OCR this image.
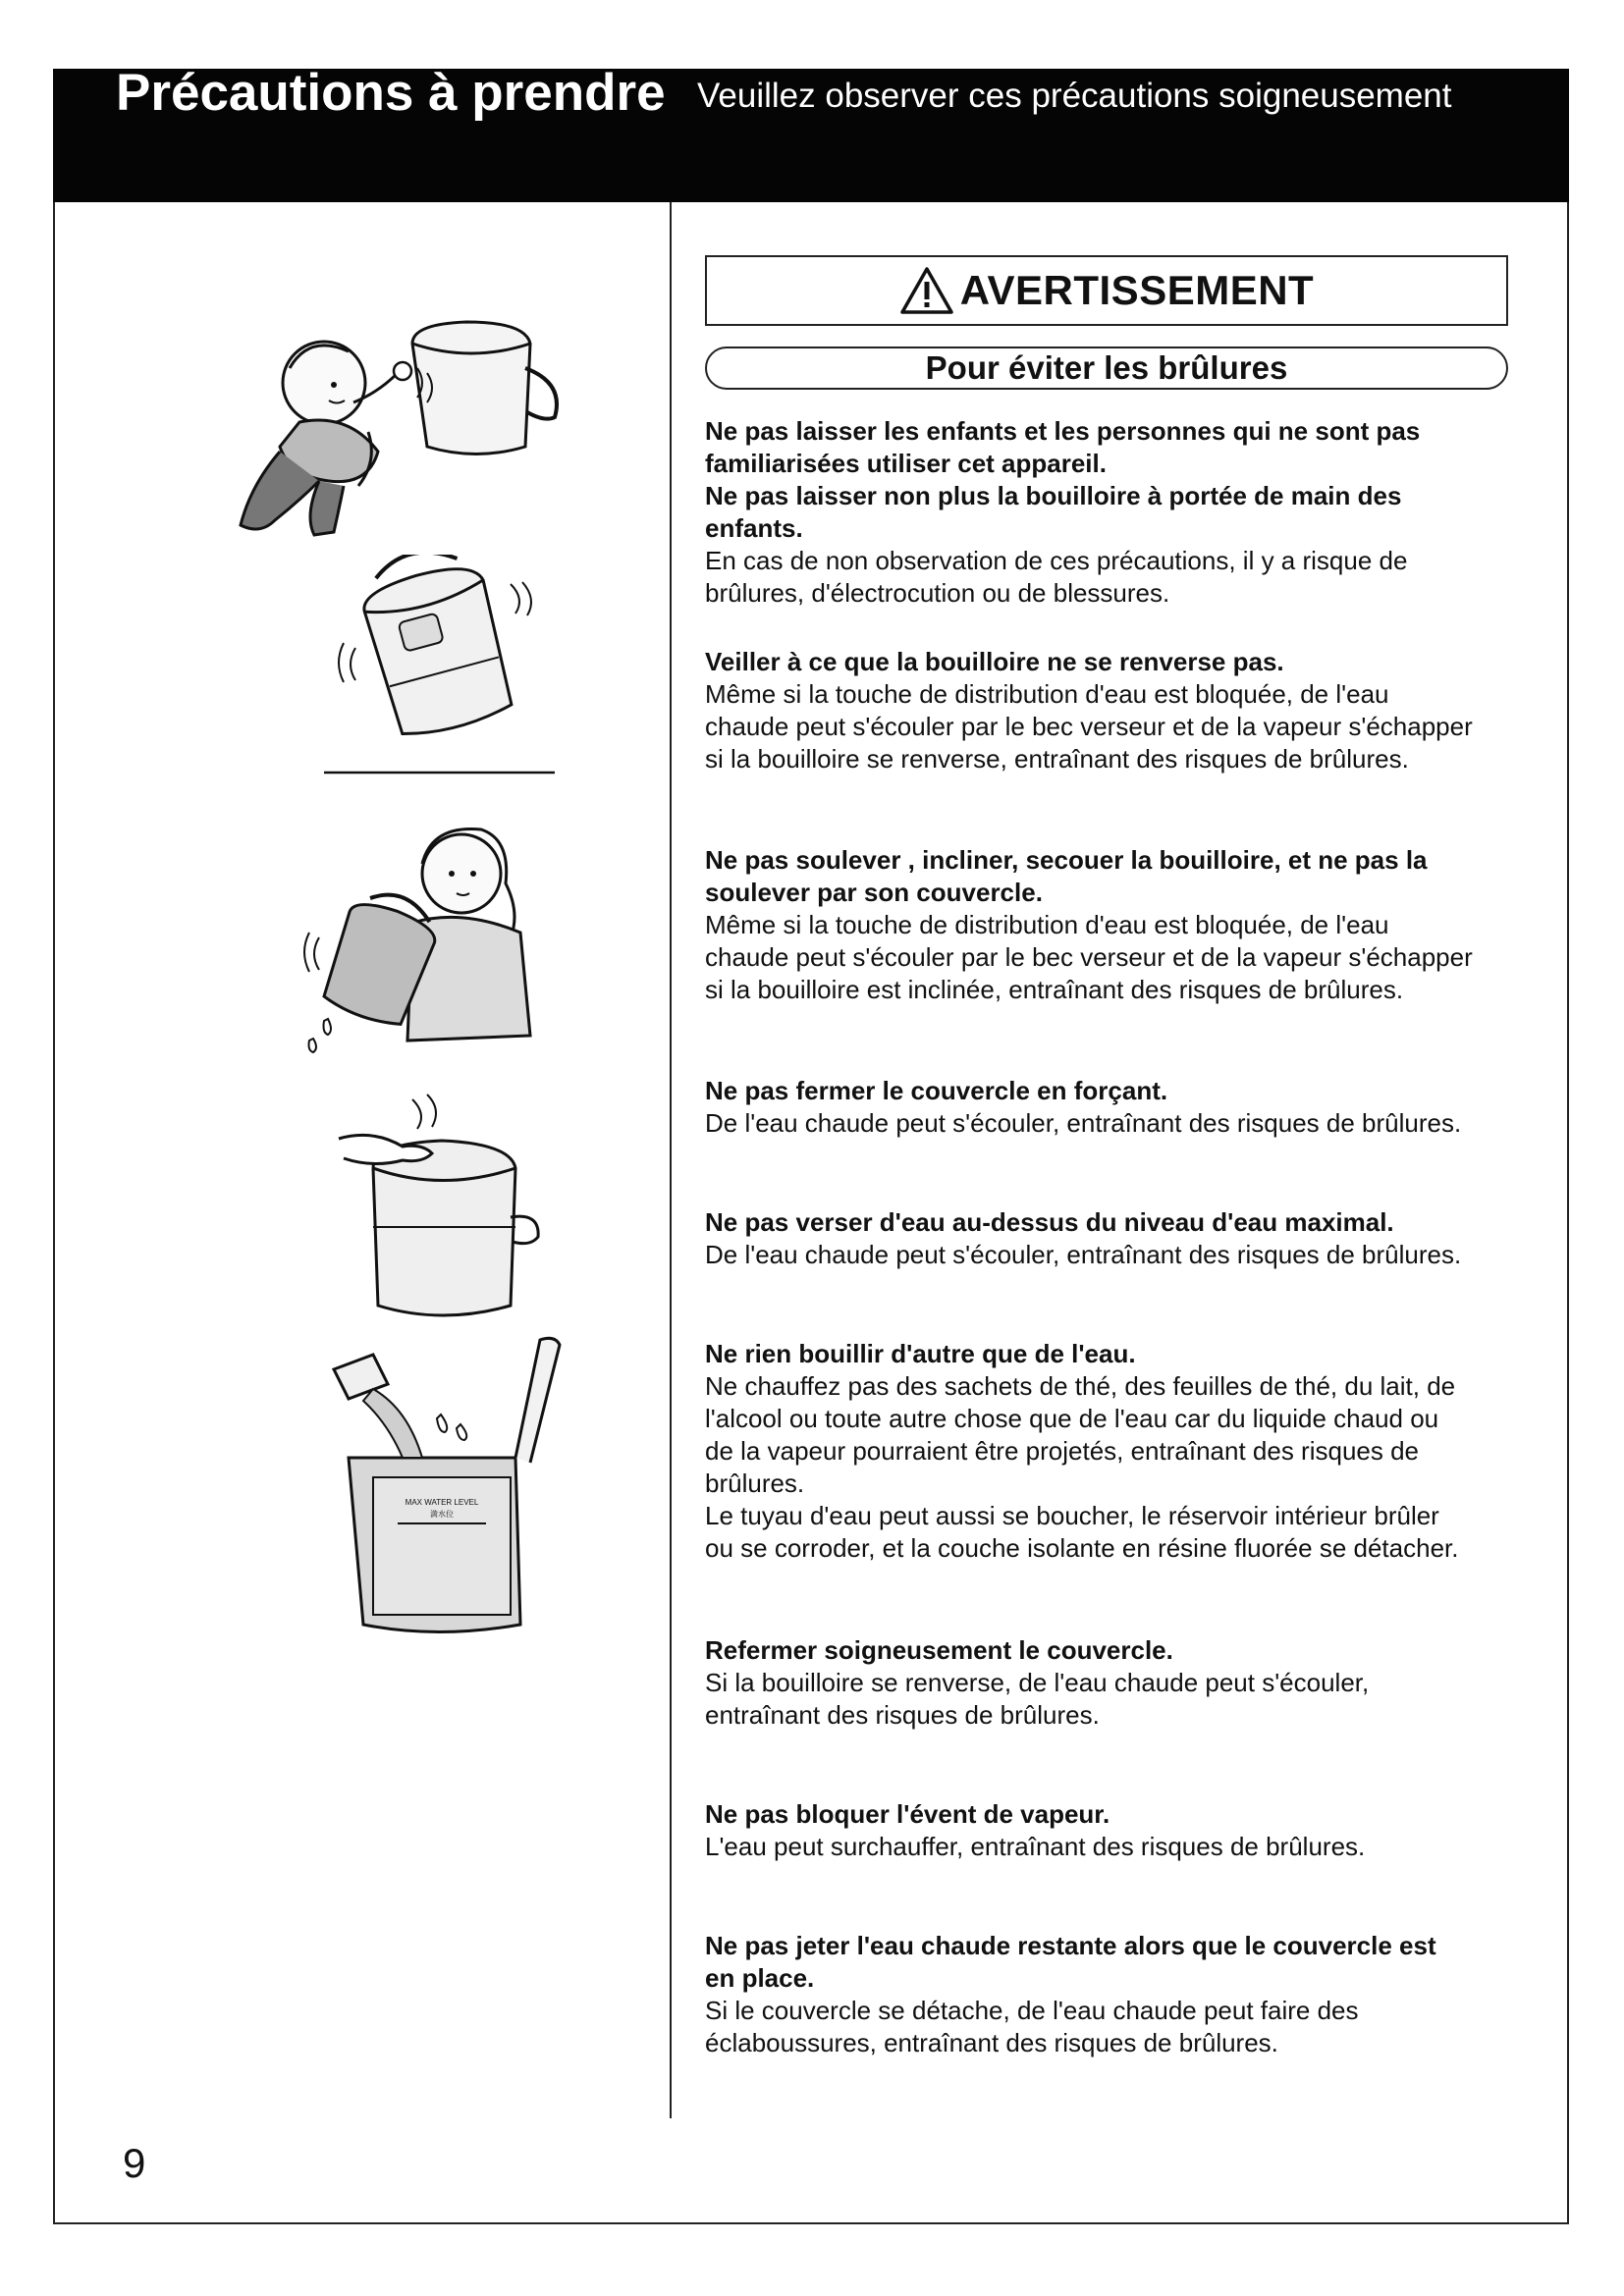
Précautions à prendre Veuillez observer ces précautions soigneusement
AVERTISSEMENT
Pour éviter les brûlures
Ne pas laisser les enfants et les personnes qui ne sont pas
familiarisées utiliser cet appareil.
Ne pas laisser non plus la bouilloire à portée de main des
enfants.
En cas de non observation de ces précautions, il y a risque de
brûlures, d'électrocution ou de blessures.
Veiller à ce que la bouilloire ne se renverse pas.
Même si la touche de distribution d'eau est bloquée, de l'eau
chaude peut s'écouler par le bec verseur et de la vapeur s'échapper
si la bouilloire se renverse, entraînant des risques de brûlures.
Ne pas soulever , incliner, secouer la bouilloire, et ne pas la
soulever par son couvercle.
Même si la touche de distribution d'eau est bloquée, de l'eau
chaude peut s'écouler par le bec verseur et de la vapeur s'échapper
si la bouilloire est inclinée, entraînant des risques de brûlures.
Ne pas fermer le couvercle en forçant.
De l'eau chaude peut s'écouler, entraînant des risques de brûlures.
Ne pas verser d'eau au-dessus du niveau d'eau maximal.
De l'eau chaude peut s'écouler, entraînant des risques de brûlures.
Ne rien bouillir d'autre que de l'eau.
Ne chauffez pas des sachets de thé, des feuilles de thé, du lait, de
l'alcool ou toute autre chose que de l'eau car du liquide chaud ou
de la vapeur pourraient être projetés, entraînant des risques de
brûlures.
Le tuyau d'eau peut aussi se boucher, le réservoir intérieur brûler
ou se corroder, et la couche isolante en résine fluorée se détacher.
Refermer soigneusement le couvercle.
Si la bouilloire se renverse, de l'eau chaude peut s'écouler,
entraînant des risques de brûlures.
Ne pas bloquer l'évent de vapeur.
L'eau peut surchauffer, entraînant des risques de brûlures.
Ne pas jeter l'eau chaude restante alors que le couvercle est
en place.
Si le couvercle se détache, de l'eau chaude peut faire des
éclaboussures, entraînant des risques de brûlures.
9
MAX WATER LEVEL
満水位
